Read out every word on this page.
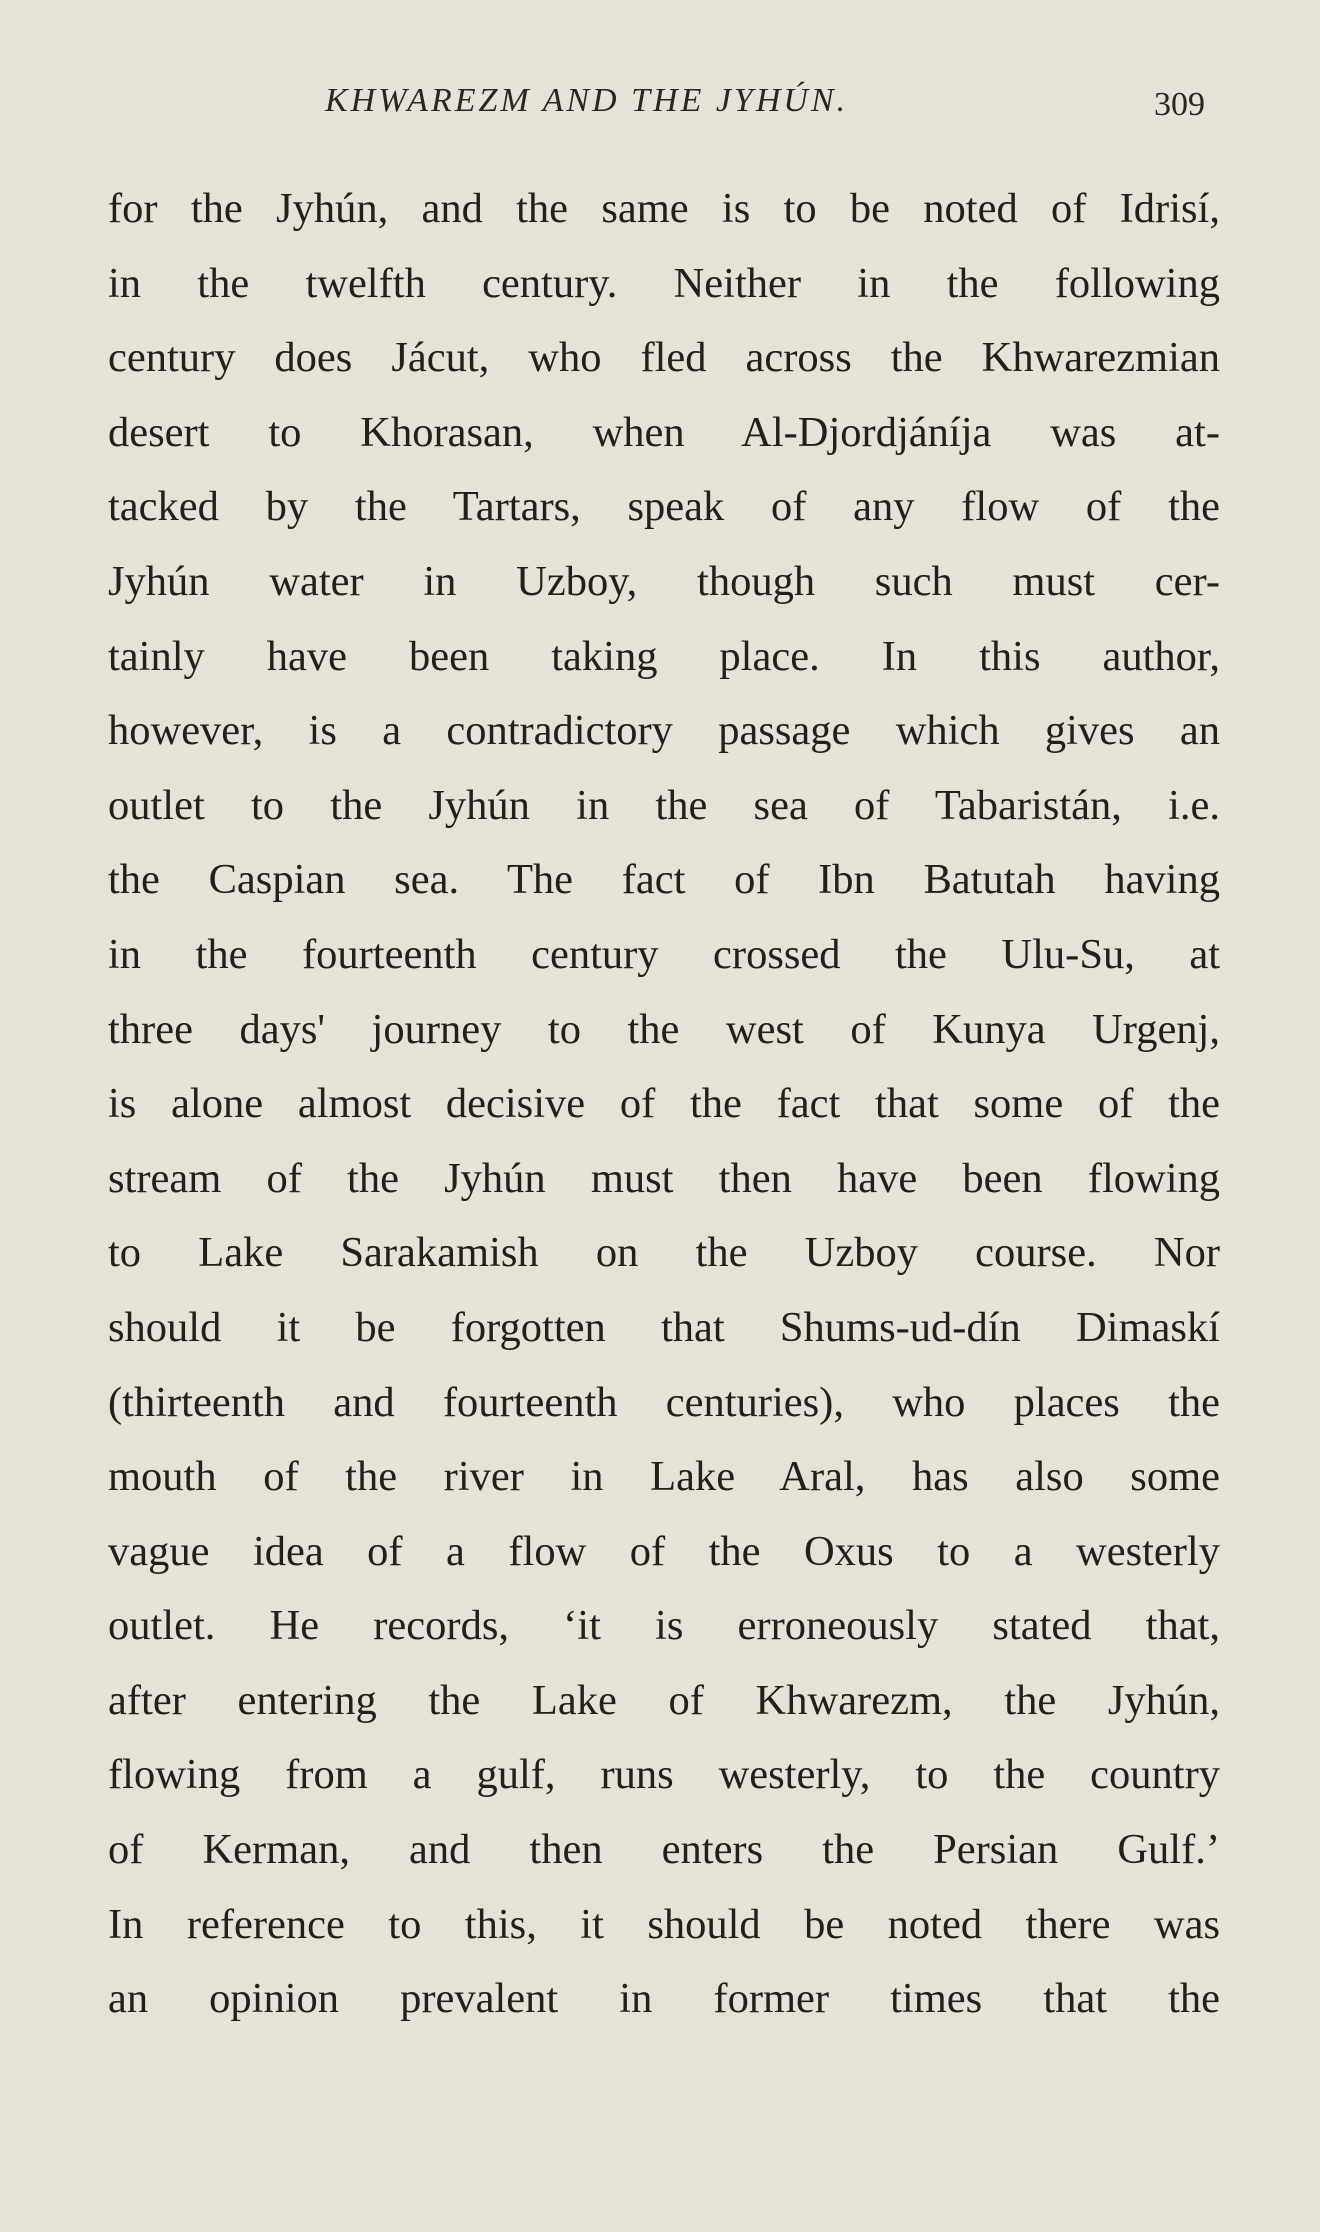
KHWAREZM AND THE JYHÚN.	309
for the Jyhún, and the same is to be noted of Idrisí,
in the twelfth century. Neither in the following
century does Jácut, who fled across the Khwarezmian
desert to Khorasan, when Al-Djordjáníja was at-
tacked by the Tartars, speak of any flow of the
Jyhún water in Uzboy, though such must cer-
tainly have been taking place. In this author,
however, is a contradictory passage which gives an
outlet to the Jyhún in the sea of Tabaristán, i.e.
the Caspian sea. The fact of Ibn Batutah having
in the fourteenth century crossed the Ulu-Su, at
three days' journey to the west of Kunya Urgenj,
is alone almost decisive of the fact that some of the
stream of the Jyhún must then have been flowing
to Lake Sarakamish on the Uzboy course. Nor
should it be forgotten that Shums-ud-dín Dimaskí
(thirteenth and fourteenth centuries), who places the
mouth of the river in Lake Aral, has also some
vague idea of a flow of the Oxus to a westerly
outlet. He records, ‘it is erroneously stated that,
after entering the Lake of Khwarezm, the Jyhún,
flowing from a gulf, runs westerly, to the country
of Kerman, and then enters the Persian Gulf.’
In reference to this, it should be noted there was
an opinion prevalent in former times that the
